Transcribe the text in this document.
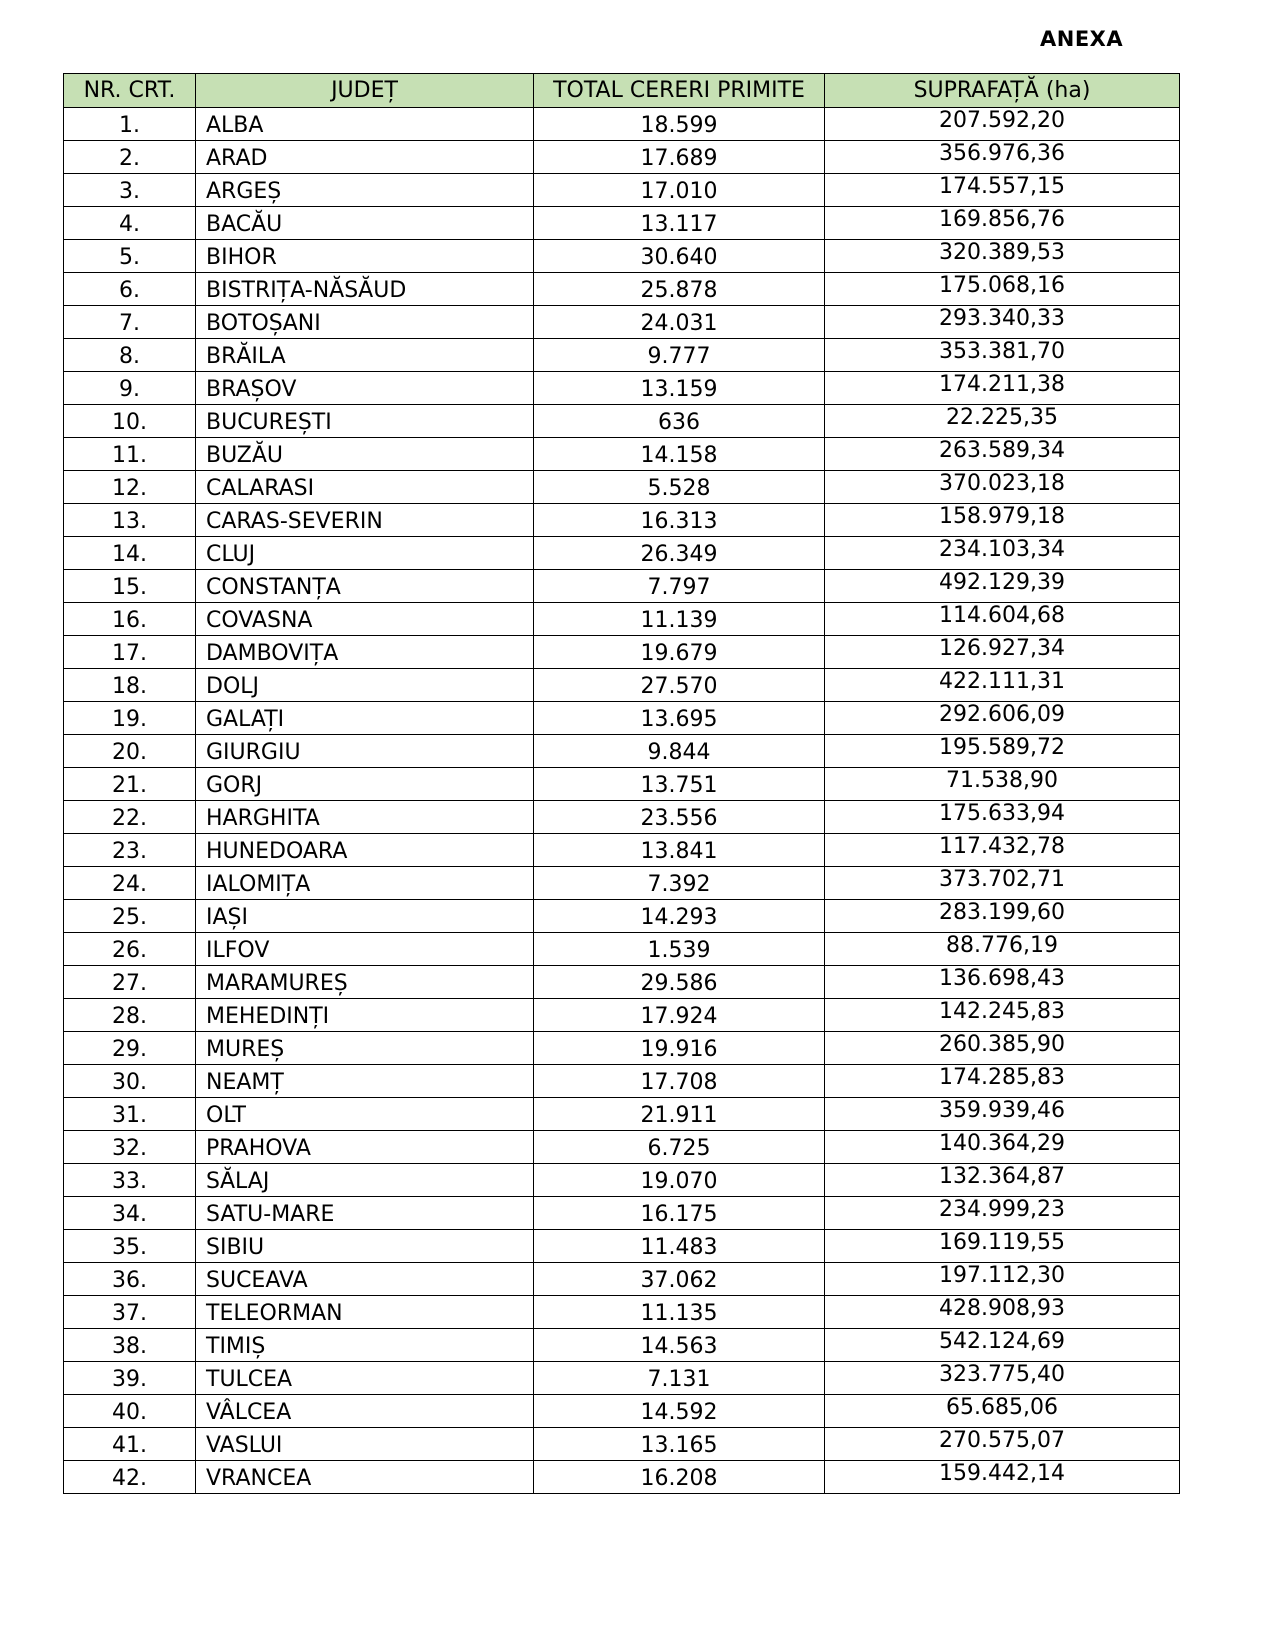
ANEXA
NR. CRT.	JUDEȚ	TOTAL CERERI PRIMITE	SUPRAFAȚĂ (ha)
1.	ALBA	18.599	207.592,20
2.	ARAD	17.689	356.976,36
3.	ARGEȘ	17.010	174.557,15
4.	BACĂU	13.117	169.856,76
5.	BIHOR	30.640	320.389,53
6.	BISTRIȚA-NĂSĂUD	25.878	175.068,16
7.	BOTOȘANI	24.031	293.340,33
8.	BRĂILA	9.777	353.381,70
9.	BRAȘOV	13.159	174.211,38
10.	BUCUREȘTI	636	22.225,35
11.	BUZĂU	14.158	263.589,34
12.	CALARASI	5.528	370.023,18
13.	CARAS-SEVERIN	16.313	158.979,18
14.	CLUJ	26.349	234.103,34
15.	CONSTANȚA	7.797	492.129,39
16.	COVASNA	11.139	114.604,68
17.	DAMBOVIȚA	19.679	126.927,34
18.	DOLJ	27.570	422.111,31
19.	GALAȚI	13.695	292.606,09
20.	GIURGIU	9.844	195.589,72
21.	GORJ	13.751	71.538,90
22.	HARGHITA	23.556	175.633,94
23.	HUNEDOARA	13.841	117.432,78
24.	IALOMIȚA	7.392	373.702,71
25.	IAȘI	14.293	283.199,60
26.	ILFOV	1.539	88.776,19
27.	MARAMUREȘ	29.586	136.698,43
28.	MEHEDINȚI	17.924	142.245,83
29.	MUREȘ	19.916	260.385,90
30.	NEAMȚ	17.708	174.285,83
31.	OLT	21.911	359.939,46
32.	PRAHOVA	6.725	140.364,29
33.	SĂLAJ	19.070	132.364,87
34.	SATU-MARE	16.175	234.999,23
35.	SIBIU	11.483	169.119,55
36.	SUCEAVA	37.062	197.112,30
37.	TELEORMAN	11.135	428.908,93
38.	TIMIȘ	14.563	542.124,69
39.	TULCEA	7.131	323.775,40
40.	VÂLCEA	14.592	65.685,06
41.	VASLUI	13.165	270.575,07
42.	VRANCEA	16.208	159.442,14
